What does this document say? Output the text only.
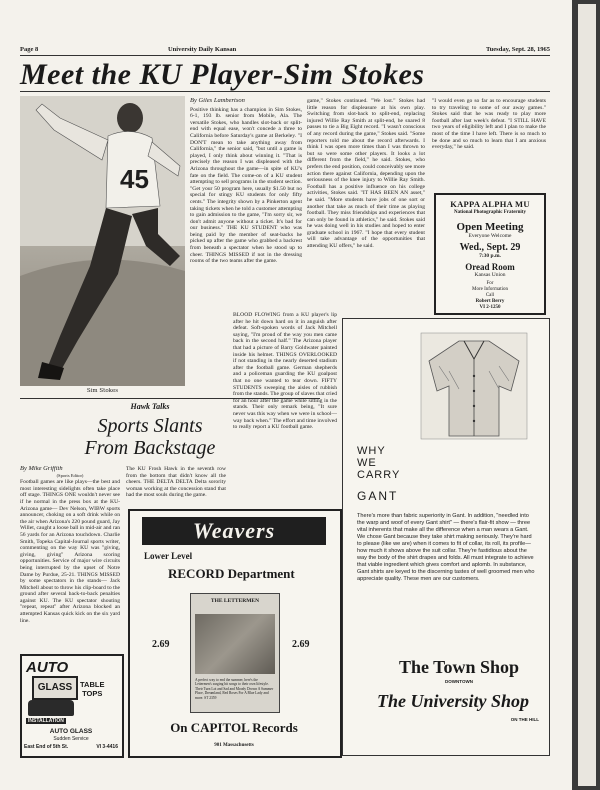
Page 8	University Daily Kansan	Tuesday, Sept. 28, 1965
Meet the KU Player-Sim Stokes
45
Sim Stokes
By Giles Lambertson

Positive thinking has a champion in Sim Stokes, 6-1, 193 lb. senior from Mobile, Ala. The versatile Stokes, who handles slot-back or split-end with equal ease, won't concede a three to California before Saturday's game at Berkeley. "I DON'T mean to take anything away from California," the senior said, "but until a game is played, I only think about winning it. "That is precisely the reason I was displeased with the Arizona throughout the game—in spite of KU's fate on the field. The come-on of a KU student attempting to sell programs in the student section. "Get your 50 program here, usually $1.50 but no special for stingy KU students for only fifty cents." The integrity shown by a Pinkerton agent taking tickets when he told a customer attempting to gain admission to the game, "I'm sorry sir, we don't admit anyone without a ticket. It's bad for our business." THE KU STUDENT who was being paid by the member of seat-backs he picked up after the game who grabbed a backrest from beneath a spectator when he stood up to cheer. THINGS MISSED if not in the dressing rooms of the two teams after the game.

game," Stokes continued. "We lost." Stokes had little reason for displeasure at his own play. Switching from slot-back to split-end, replacing injured Willie Ray Smith at split-end, he snared 8 passes to tie a Big Eight record. "I wasn't conscious of any record during the game," Stokes said. "Some reporters told me about the record afterwards. I think I was open more times than I was thrown to but so were some other players. It looks a lot different from the field," he said. Stokes, who prefers the end position, could conceivably see more action there against California, depending upon the seriousness of the knee injury to Willie Ray Smith. Football has a positive influence on his college activities, Stokes said. "IT HAS BEEN AN asset," he said. "More students have jobs of one sort or another that take as much of their time as playing football. They miss friendships and experiences that can only be found in athletics," he said. Stokes said he was doing well in his studies and hoped to enter graduate school in 1967. "I hope that every student will take advantage of the opportunities that attending KU offers," he said.

"I would even go so far as to encourage students to try traveling to some of our away games." Stokes said that he was ready to play more football after last week's defeat. "I STILL HAVE two years of eligibility left and I plan to make the most of the time I have left. There is so much to be done and so much to learn that I am anxious everyday," he said.

KAPPA ALPHA MU
National Photographic Fraternity
Open Meeting
Everyone Welcome
Wed., Sept. 29
7:30 p.m.
Oread Room
Kansas Union
For
More Information
Call
Robert Berry
VI 2-1250
Hawk Talks
Sports Slants
From Backstage
By Mike Griffith
(Sports Editor)

Football games are like plays—the best and most interesting sidelights often take place off stage. THINGS ONE wouldn't never see if he normal in the press box at the KU-Arizona game— Dev Nelson, WIBW sports announcer, choking on a soft drink while on the air when Arizona's 220 pound guard, Jay Willet, caught a loose ball in mid-air and ran 56 yards for an Arizona touchdown. Charlie Smith, Topeka Capital-Journal sports writer, commenting on the way KU was "giving, giving, giving" Arizona scoring opportunities. Service of major wire circuits being interrupted by the upset of Notre Dame by Purdue, 25-21. THINGS MISSED by some spectators in the stands— Jack Mitchell about to throw his clip-board to the ground after several back-to-back penalties against KU. The KU spectator shouting "repeat, repeat" after Arizona blocked an attempted Kansas quick kick on the six yard line.

The KU Frosh Hawk in the seventh row from the bottom that didn't know all the cheers. THE DELTA DELTA Delta sorority woman working at the concession stand that had the most souls during the game.

BLOOD FLOWING from a KU player's lip after he hit down hard on it in anguish after defeat. Soft-spoken words of Jack Mitchell saying, "I'm proud of the way you men came back in the second half." The Arizona player that had a picture of Barry Goldwater painted inside his helmet. THINGS OVERLOOKED if not standing in the nearly deserted stadium after the football game. German shepherds and a policeman guarding the KU goalpost that no one wanted to tear down. FIFTY STUDENTS sweeping the aisles of rubbish from the stands. The group of slaves that cried for an hour after the game while sitting in the stands. Their only remark being, "It sure never was this way when we were in school—way back when." The effort and time involved to really report a KU football game.

Weavers
Lower Level
RECORD Department
2.69	2.69
THE LETTERMEN
A perfect way to end the summer, here's the Lettermen's surging hit songs to their own lifestyle. Their Turn Lot and Sad and Moody Drown A Summer Place, Dreamland, Red Roses For A Blue Lady and more. ST 2359
On CAPITOL Records
901 Massachusetts
AUTO
GLASS	TABLE
TOPS
INSTALLATION
AUTO GLASS
Sudden Service
East End of 5th St.	VI 3-4416
WHY
WE
CARRY
GANT
There's more than fabric superiority in Gant. In addition, "needled into the warp and woof of every Gant shirt" — there's flair-fit show — three vital inherents that make all the difference when a man wears a Gant. We chose Gant because they take shirt making seriously. They're hard to please (like we are) when it comes to fit of collar, its roll, its profile—how much it shows above the suit collar. They're fastidious about the way the body of the shirt drapes and folds. All must integrate to achieve that viable ingredient which gives comfort and aplomb. In substance, Gant shirts are keyed to the discerning tastes of well groomed men who appreciate quality. These men are our customers.
The Town Shop
DOWNTOWN
The University Shop
ON THE HILL
